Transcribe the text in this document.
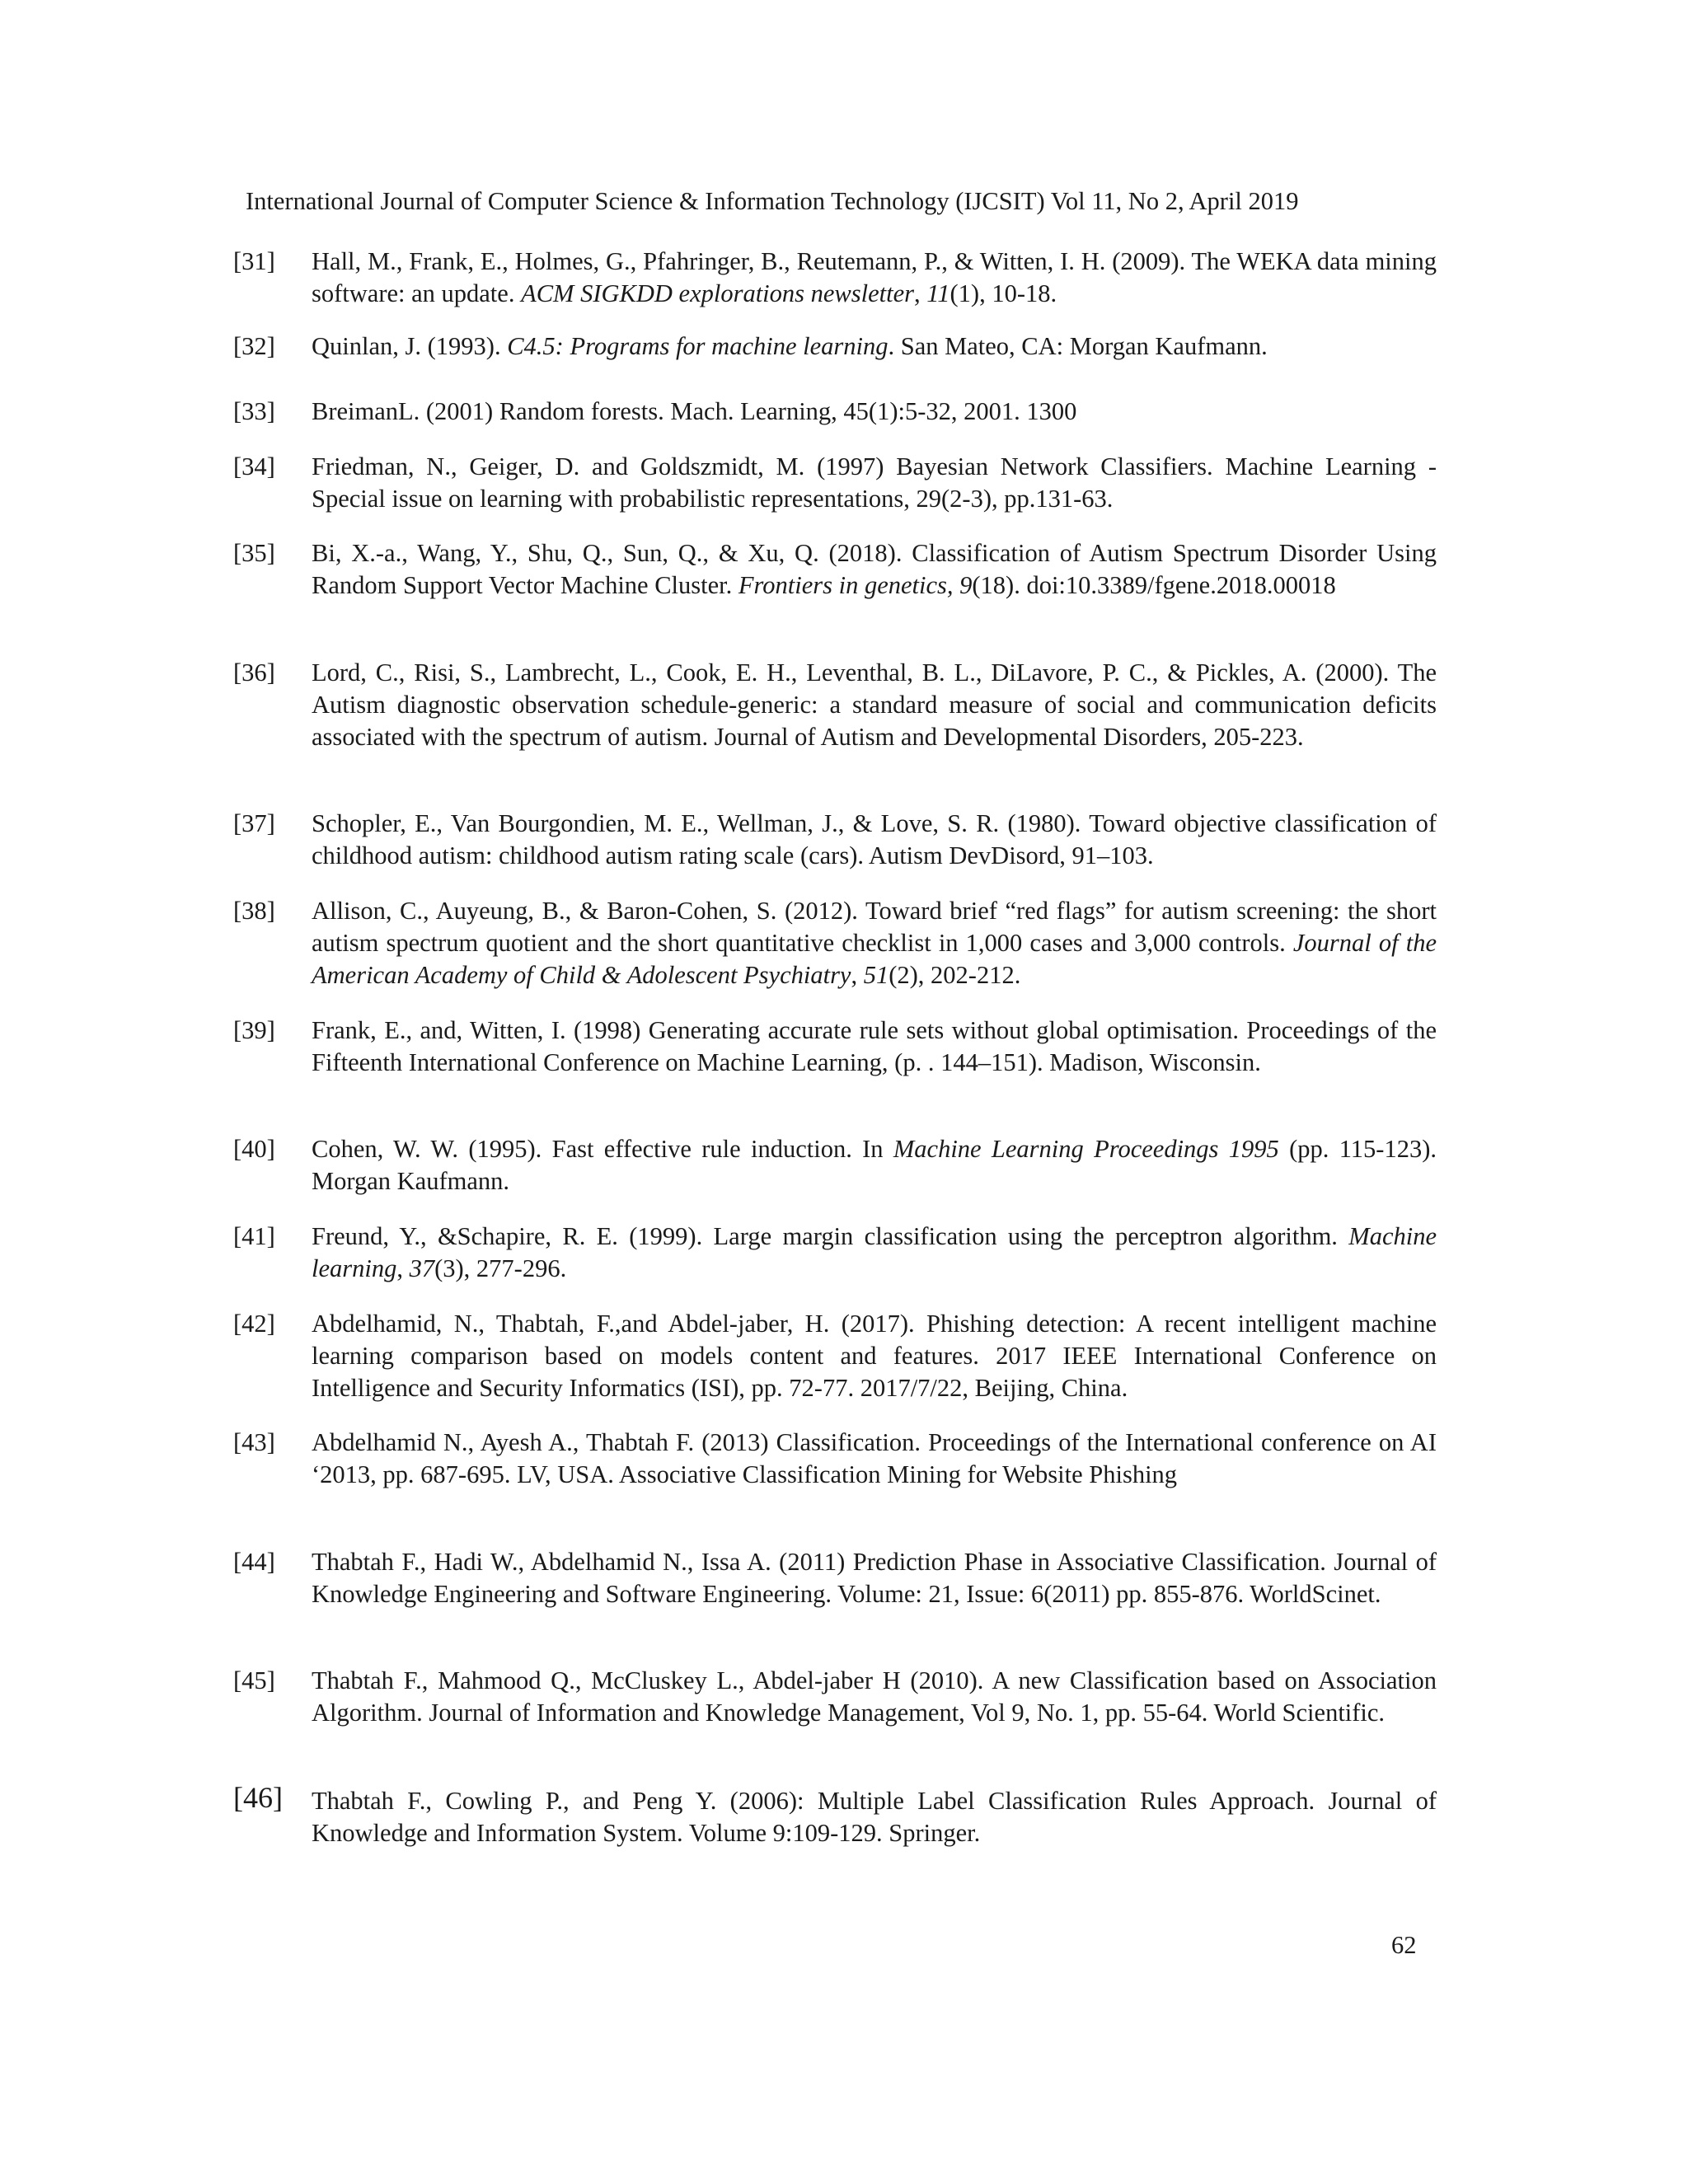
International Journal of Computer Science & Information Technology (IJCSIT) Vol 11, No 2, April 2019
[31] Hall, M., Frank, E., Holmes, G., Pfahringer, B., Reutemann, P., & Witten, I. H. (2009). The WEKA data mining software: an update. ACM SIGKDD explorations newsletter, 11(1), 10-18.
[32] Quinlan, J. (1993). C4.5: Programs for machine learning. San Mateo, CA: Morgan Kaufmann.
[33] BreimanL. (2001) Random forests. Mach. Learning, 45(1):5-32, 2001. 1300
[34] Friedman, N., Geiger, D. and Goldszmidt, M. (1997) Bayesian Network Classifiers. Machine Learning - Special issue on learning with probabilistic representations, 29(2-3), pp.131-63.
[35] Bi, X.-a., Wang, Y., Shu, Q., Sun, Q., & Xu, Q. (2018). Classification of Autism Spectrum Disorder Using Random Support Vector Machine Cluster. Frontiers in genetics, 9(18). doi:10.3389/fgene.2018.00018
[36] Lord, C., Risi, S., Lambrecht, L., Cook, E. H., Leventhal, B. L., DiLavore, P. C., & Pickles, A. (2000). The Autism diagnostic observation schedule-generic: a standard measure of social and communication deficits associated with the spectrum of autism. Journal of Autism and Developmental Disorders, 205-223.
[37] Schopler, E., Van Bourgondien, M. E., Wellman, J., & Love, S. R. (1980). Toward objective classification of childhood autism: childhood autism rating scale (cars). Autism DevDisord, 91–103.
[38] Allison, C., Auyeung, B., & Baron-Cohen, S. (2012). Toward brief “red flags” for autism screening: the short autism spectrum quotient and the short quantitative checklist in 1,000 cases and 3,000 controls. Journal of the American Academy of Child & Adolescent Psychiatry, 51(2), 202-212.
[39] Frank, E., and, Witten, I. (1998) Generating accurate rule sets without global optimisation. Proceedings of the Fifteenth International Conference on Machine Learning, (p. . 144–151). Madison, Wisconsin.
[40] Cohen, W. W. (1995). Fast effective rule induction. In Machine Learning Proceedings 1995 (pp. 115-123). Morgan Kaufmann.
[41] Freund, Y., &Schapire, R. E. (1999). Large margin classification using the perceptron algorithm. Machine learning, 37(3), 277-296.
[42] Abdelhamid, N., Thabtah, F.,and Abdel-jaber, H. (2017). Phishing detection: A recent intelligent machine learning comparison based on models content and features. 2017 IEEE International Conference on Intelligence and Security Informatics (ISI), pp. 72-77. 2017/7/22, Beijing, China.
[43] Abdelhamid N., Ayesh A., Thabtah F. (2013) Classification. Proceedings of the International conference on AI ‘2013, pp. 687-695. LV, USA. Associative Classification Mining for Website Phishing
[44] Thabtah F., Hadi W., Abdelhamid N., Issa A. (2011) Prediction Phase in Associative Classification. Journal of Knowledge Engineering and Software Engineering. Volume: 21, Issue: 6(2011) pp. 855-876. WorldScinet.
[45] Thabtah F., Mahmood Q., McCluskey L., Abdel-jaber H (2010). A new Classification based on Association Algorithm. Journal of Information and Knowledge Management, Vol 9, No. 1, pp. 55-64. World Scientific.
[46] Thabtah F., Cowling P., and Peng Y. (2006): Multiple Label Classification Rules Approach. Journal of Knowledge and Information System. Volume 9:109-129. Springer.
62
